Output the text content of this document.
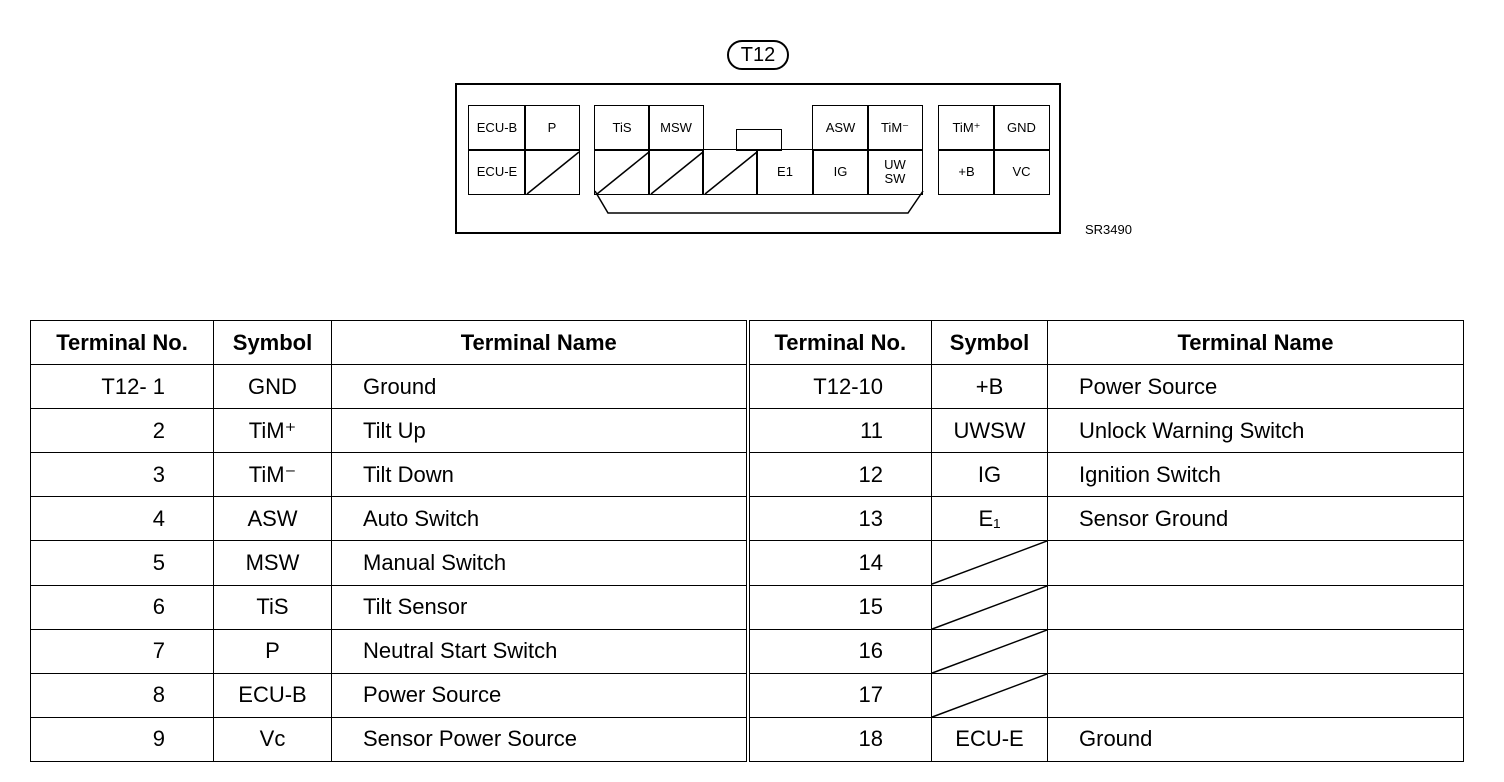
T12
ECU-B P
ECU-E
TiS MSW	ASW TiM⁻
E1	IG	UW
SW
TiM⁺ GND
+B	VC
SR3490
Terminal No.	Symbol	Terminal Name	Terminal No.	Symbol	Terminal Name
T12- 1	GND	Ground	T12-10	+B	Power Source
2	TiM⁺	Tilt Up	11	UWSW	Unlock Warning Switch
3	TiM⁻	Tilt Down	12	IG	Ignition Switch
4	ASW	Auto Switch	13	E₁	Sensor Ground
5	MSW	Manual Switch	14	

6	TiS	Tilt Sensor	15	

7	P	Neutral Start Switch	16	

8	ECU-B	Power Source	17	

9	Vc	Sensor Power Source	18	ECU-E	Ground
